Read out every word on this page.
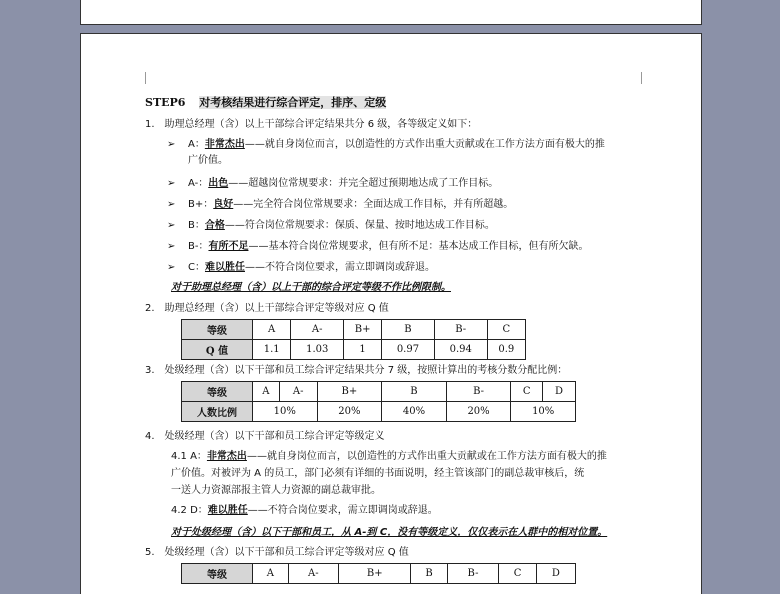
STEP6 对考核结果进行综合评定，排序、定级
1.　助理总经理（含）以上干部综合评定结果共分 6 级，各等级定义如下：
➢ A：非常杰出——就自身岗位而言，以创造性的方式作出重大贡献或在工作方法方面有极大的推
广价值。
➢ A-：出色——超越岗位常规要求：并完全超过预期地达成了工作目标。
➢ B+：良好——完全符合岗位常规要求：全面达成工作目标，并有所超越。
➢ B：合格——符合岗位常规要求：保质、保量、按时地达成工作目标。
➢ B-：有所不足——基本符合岗位常规要求，但有所不足：基本达成工作目标，但有所欠缺。
➢ C：难以胜任——不符合岗位要求，需立即调岗或辞退。
对于助理总经理（含）以上干部的综合评定等级不作比例限制。
2.　助理总经理（含）以上干部综合评定等级对应 Q 值
等级	A	A-	B+	B	B-	C
Q 值	1.1	1.03	1	0.97	0.94	0.9
3.　处级经理（含）以下干部和员工综合评定结果共分 7 级，按照计算出的考核分数分配比例：
等级	A	A-	B+	B	B-	C	D
人数比例	10%		20%	40%	20%	10%	
4.　处级经理（含）以下干部和员工综合评定等级定义
4.1 A：非常杰出——就自身岗位而言，以创造性的方式作出重大贡献或在工作方法方面有极大的推
广价值。对被评为 A 的员工，部门必须有详细的书面说明，经主管该部门的副总裁审核后，统
一送人力资源部报主管人力资源的副总裁审批。
4.2 D：难以胜任——不符合岗位要求，需立即调岗或辞退。
对于处级经理（含）以下干部和员工，从 A-到 C，没有等级定义，仅仅表示在人群中的相对位置。
5.　处级经理（含）以下干部和员工综合评定等级对应 Q 值
等级	A	A-	B+	B	B-	C	D
